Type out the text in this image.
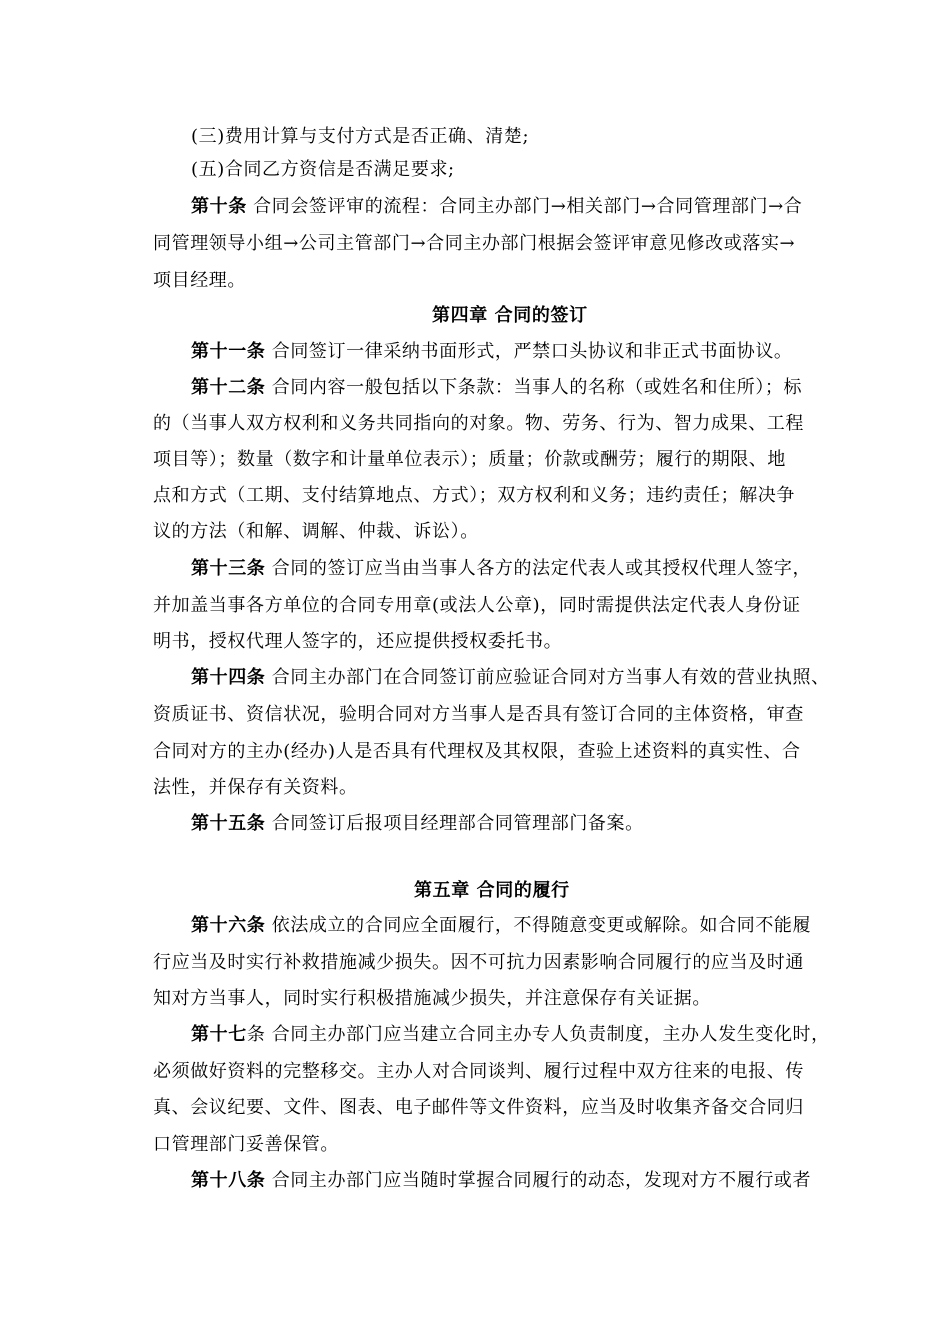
(三)费用计算与支付方式是否正确、清楚;
(五)合同乙方资信是否满足要求;
第十条 合同会签评审的流程：合同主办部门→相关部门→合同管理部门→合
同管理领导小组→公司主管部门→合同主办部门根据会签评审意见修改或落实→
项目经理。
第四章 合同的签订
第十一条 合同签订一律采纳书面形式，严禁口头协议和非正式书面协议。
第十二条 合同内容一般包括以下条款：当事人的名称（或姓名和住所）；标
的（当事人双方权利和义务共同指向的对象。物、劳务、行为、智力成果、工程
项目等）；数量（数字和计量单位表示）；质量；价款或酬劳；履行的期限、地
点和方式（工期、支付结算地点、方式）；双方权利和义务；违约责任；解决争
议的方法（和解、调解、仲裁、诉讼）。
第十三条 合同的签订应当由当事人各方的法定代表人或其授权代理人签字，
并加盖当事各方单位的合同专用章(或法人公章)，同时需提供法定代表人身份证
明书，授权代理人签字的，还应提供授权委托书。
第十四条 合同主办部门在合同签订前应验证合同对方当事人有效的营业执照、
资质证书、资信状况，验明合同对方当事人是否具有签订合同的主体资格，审查
合同对方的主办(经办)人是否具有代理权及其权限，查验上述资料的真实性、合
法性，并保存有关资料。
第十五条 合同签订后报项目经理部合同管理部门备案。
第五章 合同的履行
第十六条 依法成立的合同应全面履行，不得随意变更或解除。如合同不能履
行应当及时实行补救措施减少损失。因不可抗力因素影响合同履行的应当及时通
知对方当事人，同时实行积极措施减少损失，并注意保存有关证据。
第十七条 合同主办部门应当建立合同主办专人负责制度，主办人发生变化时，
必须做好资料的完整移交。主办人对合同谈判、履行过程中双方往来的电报、传
真、会议纪要、文件、图表、电子邮件等文件资料，应当及时收集齐备交合同归
口管理部门妥善保管。
第十八条 合同主办部门应当随时掌握合同履行的动态，发现对方不履行或者
